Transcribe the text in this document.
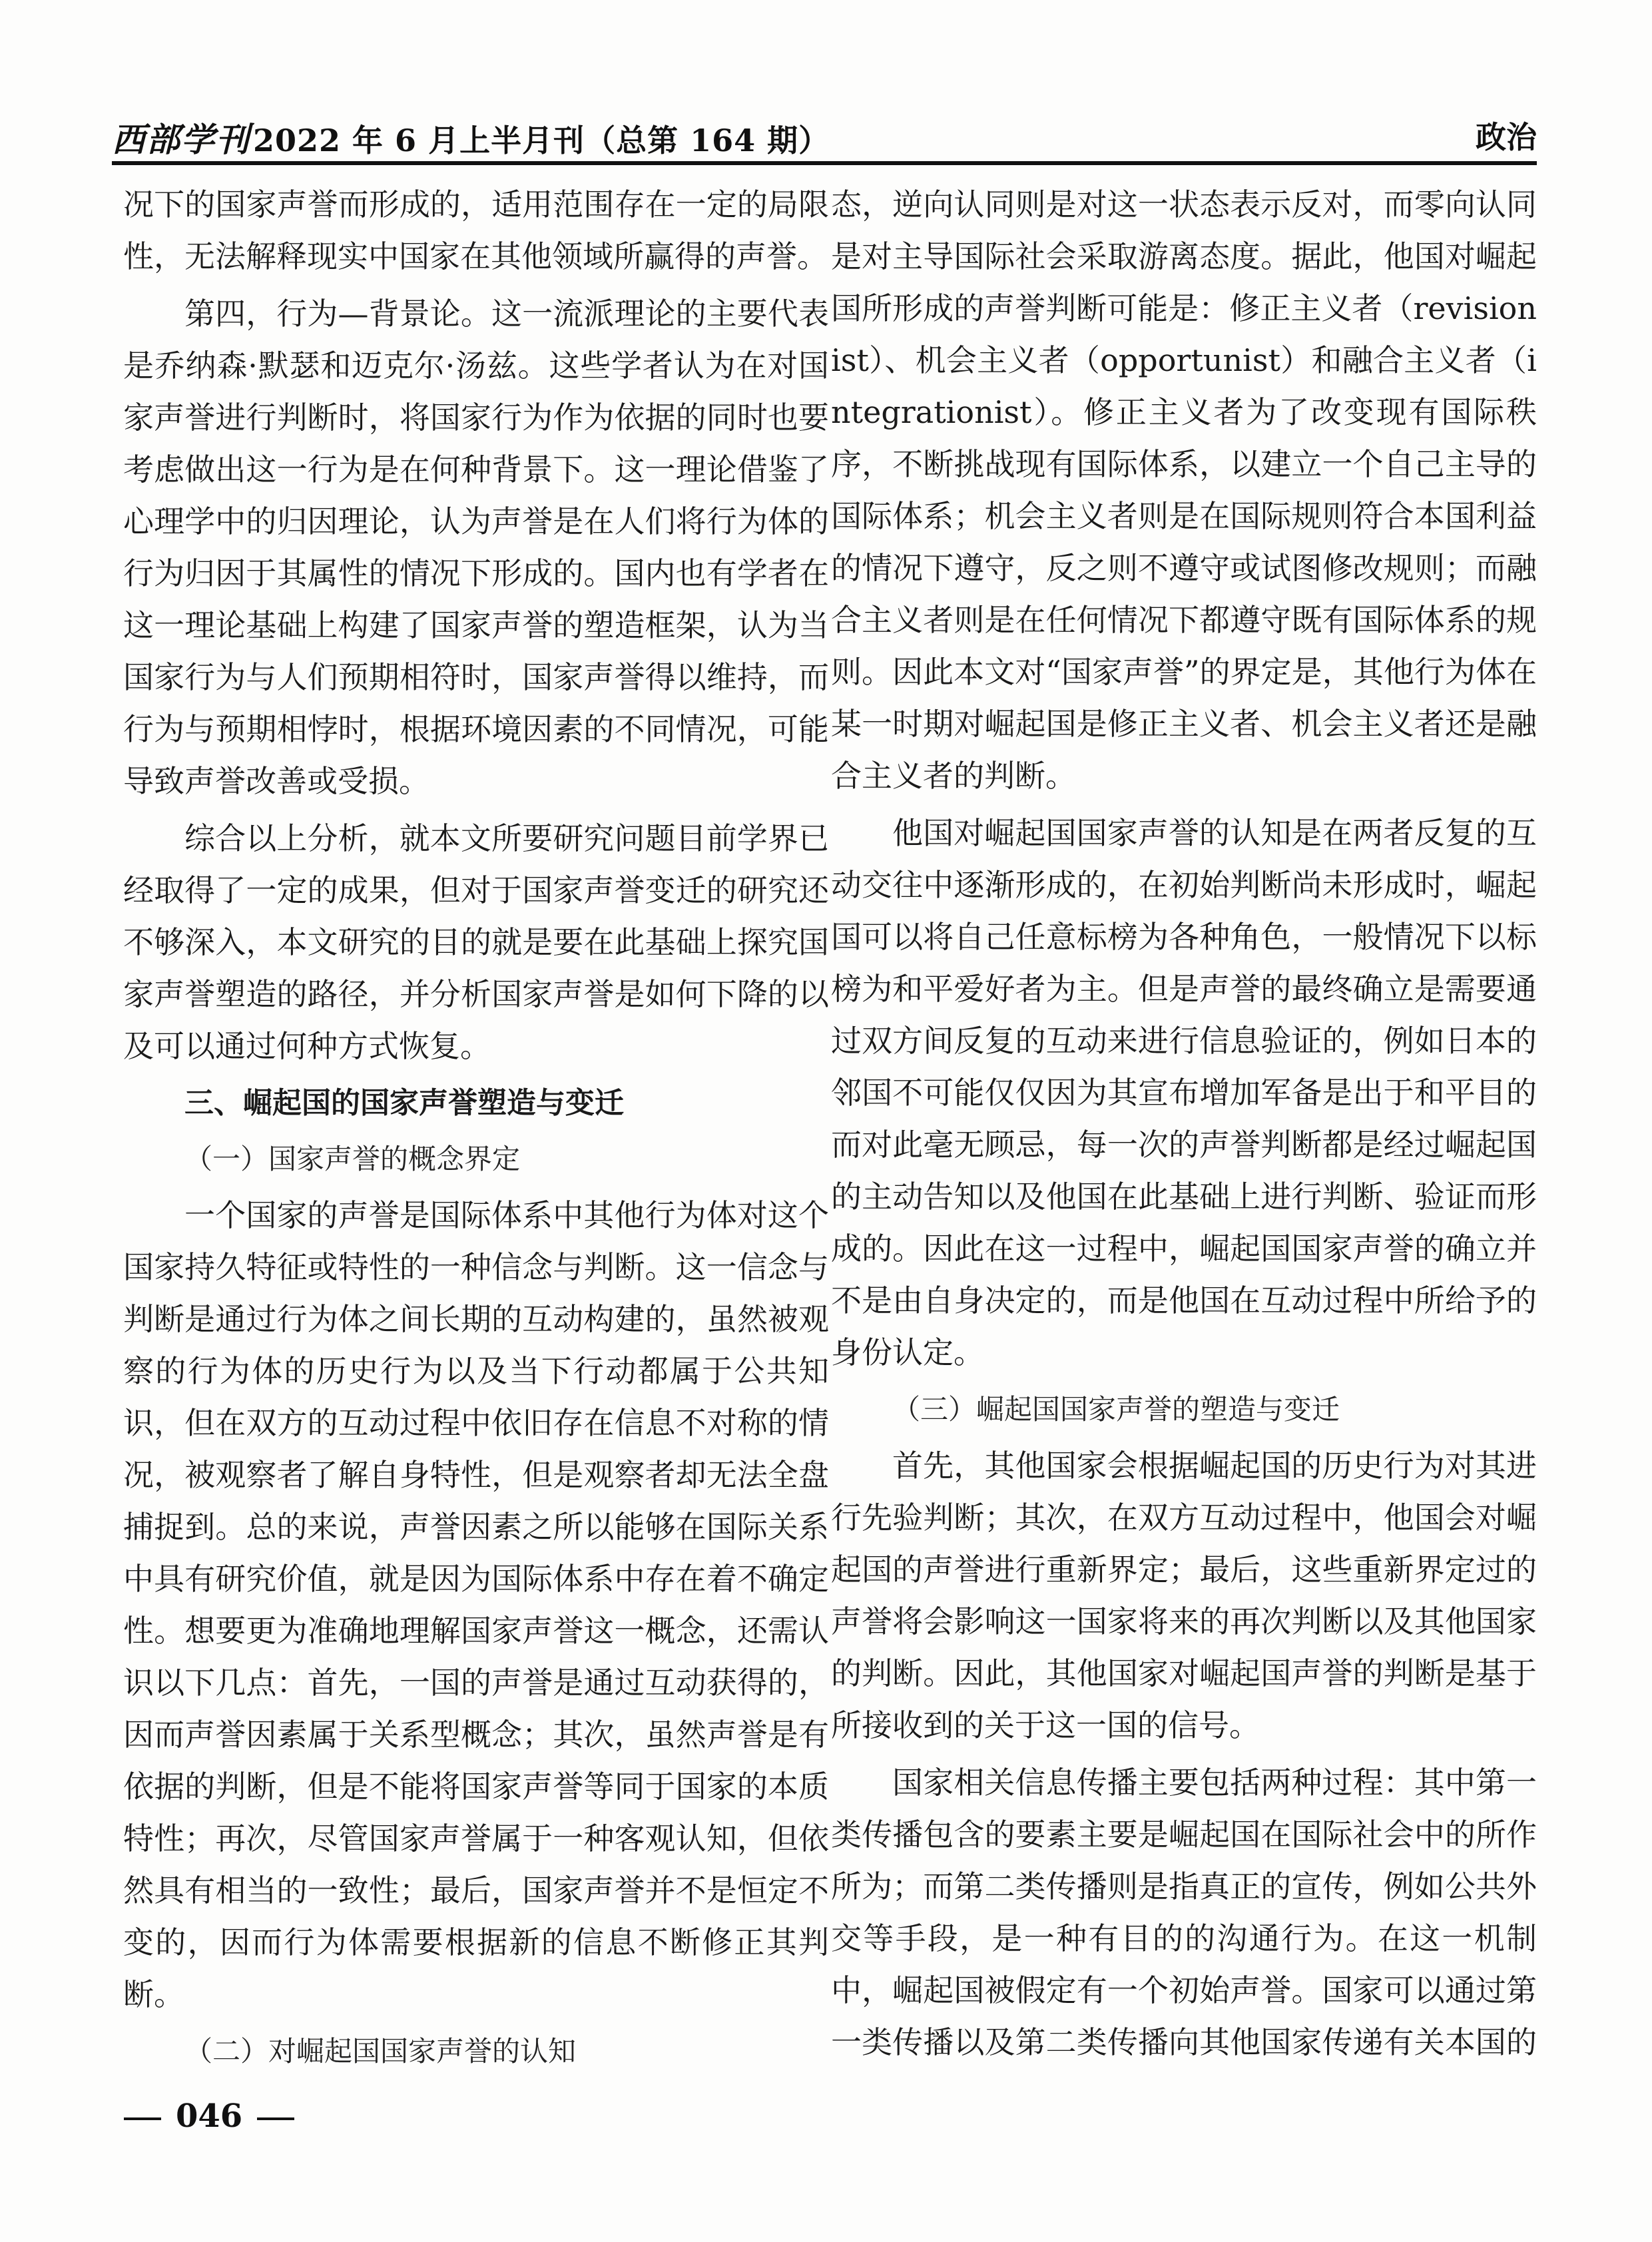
西部学刊2022 年 6 月上半月刊（总第 164 期）	政治

况下的国家声誉而形成的，适用范围存在一定的局限性，无法解释现实中国家在其他领域所赢得的声誉。

第四，行为—背景论。这一流派理论的主要代表是乔纳森·默瑟和迈克尔·汤兹。这些学者认为在对国家声誉进行判断时，将国家行为作为依据的同时也要考虑做出这一行为是在何种背景下。这一理论借鉴了心理学中的归因理论，认为声誉是在人们将行为体的行为归因于其属性的情况下形成的。国内也有学者在这一理论基础上构建了国家声誉的塑造框架，认为当国家行为与人们预期相符时，国家声誉得以维持，而行为与预期相悖时，根据环境因素的不同情况，可能导致声誉改善或受损。

综合以上分析，就本文所要研究问题目前学界已经取得了一定的成果，但对于国家声誉变迁的研究还不够深入，本文研究的目的就是要在此基础上探究国家声誉塑造的路径，并分析国家声誉是如何下降的以及可以通过何种方式恢复。

三、崛起国的国家声誉塑造与变迁
（一）国家声誉的概念界定

一个国家的声誉是国际体系中其他行为体对这个国家持久特征或特性的一种信念与判断。这一信念与判断是通过行为体之间长期的互动构建的，虽然被观察的行为体的历史行为以及当下行动都属于公共知识，但在双方的互动过程中依旧存在信息不对称的情况，被观察者了解自身特性，但是观察者却无法全盘捕捉到。总的来说，声誉因素之所以能够在国际关系中具有研究价值，就是因为国际体系中存在着不确定性。想要更为准确地理解国家声誉这一概念，还需认识以下几点：首先，一国的声誉是通过互动获得的，因而声誉因素属于关系型概念；其次，虽然声誉是有依据的判断，但是不能将国家声誉等同于国家的本质特性；再次，尽管国家声誉属于一种客观认知，但依然具有相当的一致性；最后，国家声誉并不是恒定不变的，因而行为体需要根据新的信息不断修正其判断。

（二）对崛起国国家声誉的认知

态，逆向认同则是对这一状态表示反对，而零向认同是对主导国际社会采取游离态度。据此，他国对崛起国所形成的声誉判断可能是：修正主义者（revisionist）、机会主义者（opportunist）和融合主义者（integrationist）。修正主义者为了改变现有国际秩序，不断挑战现有国际体系，以建立一个自己主导的国际体系；机会主义者则是在国际规则符合本国利益的情况下遵守，反之则不遵守或试图修改规则；而融合主义者则是在任何情况下都遵守既有国际体系的规则。因此本文对“国家声誉”的界定是，其他行为体在某一时期对崛起国是修正主义者、机会主义者还是融合主义者的判断。

他国对崛起国国家声誉的认知是在两者反复的互动交往中逐渐形成的，在初始判断尚未形成时，崛起国可以将自己任意标榜为各种角色，一般情况下以标榜为和平爱好者为主。但是声誉的最终确立是需要通过双方间反复的互动来进行信息验证的，例如日本的邻国不可能仅仅因为其宣布增加军备是出于和平目的而对此毫无顾忌，每一次的声誉判断都是经过崛起国的主动告知以及他国在此基础上进行判断、验证而形成的。因此在这一过程中，崛起国国家声誉的确立并不是由自身决定的，而是他国在互动过程中所给予的身份认定。

（三）崛起国国家声誉的塑造与变迁

首先，其他国家会根据崛起国的历史行为对其进行先验判断；其次，在双方互动过程中，他国会对崛起国的声誉进行重新界定；最后，这些重新界定过的声誉将会影响这一国家将来的再次判断以及其他国家的判断。因此，其他国家对崛起国声誉的判断是基于所接收到的关于这一国的信号。

国家相关信息传播主要包括两种过程：其中第一类传播包含的要素主要是崛起国在国际社会中的所作所为；而第二类传播则是指真正的宣传，例如公共外交等手段，是一种有目的的沟通行为。在这一机制中，崛起国被假定有一个初始声誉。国家可以通过第一类传播以及第二类传播向其他国家传递有关本国的

046
